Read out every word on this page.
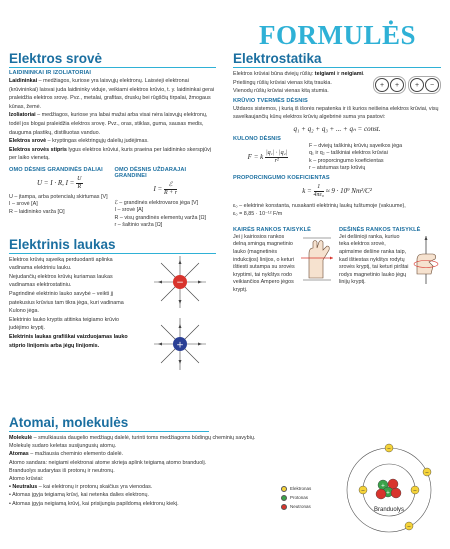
FORMULĖS
Elektros srovė
LAIDININKAI IR IZOLIATORIAI

Laidininkai – medžiagos, kuriose yra laisvųjų elektronų. Laisvieji elektronai (krūvininkai) laisvai juda laidininky viduje, veikiami elektros krūvio, t. y. laidininkai gerai praleidžia elektros srovę. Pvz., metalai, grafitas, druskų bei rūgščių tirpalai, žmogaus kūnas, žemė.

Izoliatoriai – medžiagos, kuriose yra labai mažai arba visai nėra laisvųjų elektronų, todėl jos blogai praleidžia elektros srovę. Pvz., oras, stiklas, guma, sausas medis, dauguma plastikų, distiliuotas vanduo.

Elektros srovė – kryptingas elektringųjų dalelių judėjimas.

Elektros srovės stipris lygus elektros krūviui, kuris praeina per laidininko skerspjūvį per laiko vienetą.

OMO DĖSNIS GRANDINĖS DALIAI
U = I · R, $I = \frac{U}{R}$

U – įtampa, arba potencialų skirtumas [V]

I – srovė [A]

R – laidininko varža [Ω]

OMO DĖSNIS UŽDARAJAI GRANDINEI
$I = \frac{\text{ℰ}}{R + r}$

ℰ – grandinės elektrovaros jėga [V]

I – srovė [A]

R – visų grandinės elementų varža [Ω]

r – šaltinio varža [Ω]

Elektrinis laukas

Elektros krūvių sąveiką perduodanti aplinka vadinama elektriniu lauku.

Nejudančių elektros krūvių kuriamas laukas vadinamas elektrostatiniu.

Pagrindinė elektrinio lauko savybė – veikti jį patekusius krūvius tam tikra jėga, kuri vadinama Kulono jėga.

Elektrinio lauko kryptis atitinka teigiamo krūvio judėjimo kryptį.

Elektrinis laukas grafiškai vaizduojamas lauko stiprio linijomis arba jėgų linijomis.

−
+
Elektrostatika

Elektros krūviai būna dviejų rūšių: teigiami ir neigiami.

Priešingų rūšių krūviai vienas kitą traukia.

Vienodų rūšių krūviai vienas kitą stumia.

+	+	+	−
KRŪVIO TVERMĖS DĖSNIS

Uždaros sistemos, į kurią iš išorės nepatenka ir iš kurios neišeina elektros krūviai, visų savelkaujančių kūnų elektros krūvių algebrinė suma yra pastovi:

q₁ + q₂ + q₃ + ... + qₙ = const.
KULONO DĖSNIS
F = k $\frac{\text{|q₁| · |q₂|}}{\text{r²}}$

F – dviejų taškinių krūvių sąveikos jėga

q₁ ir q₂ – taškiniai elektros krūviai

k – proporcingumo koeficientas

r – atstumas tarp krūvių

PROPORCINGUMO KOEFICIENTAS
$k = \frac{1}{\text{4πε₀}} \approx 9 \cdot 10^9$ Nm²/C²

ε₀ – elektrinė konstanta, nusakanti elektrinių laukų tuštumoje (vakuume),

ε₀ = 8,85 · 10⁻¹² F/m

KAIRĖS RANKOS TAISYKLĖ

Jei į kairiosios rankos delną smingą magnetinio lauko (magnetinės indukcijos) linijos, o keturi ištiesti sutampa su srovės kryptimi, tai nykštys rodo veikiančios Ampero jėgos kryptį.

DEŠINĖS RANKOS TAISYKLĖ

Jei dešinioji ranka, kuriuo teka elektros srovė, apimsime dešine ranka taip, kad ištiestas nykštys rodytų srovės kryptį, tai keturi pirštai rodys magnetinio lauko jėgų linijų kryptį.

Atomai, molekulės

Molekulė – smulkiausia daugelio medžiagų dalelė, turinti toms medžiagoms būdingų cheminių savybių.

Molekulę sudaro keletas susijungusių atomų.

Atomas – mažiausia cheminio elemento dalelė.

Atomo sandara: neigiami elektronai atome skrieja aplink teigiamą atomo branduolį.

Branduolys sudarytas iš protonų ir neutronų.

Atomo krūviai:

• Neutralus – kai elektronų ir protonų skaičius yra vienodas.

• Atomas įgyja teigiamą krūvį, kai netenka dalies elektronų.

• Atomas įgyja neigiamą krūvį, kai prisijungia papildomą elektronų kiekį.

Elektronas
Protonas
Neutronas
+
+
Branduolys
−
−
−	−
−
